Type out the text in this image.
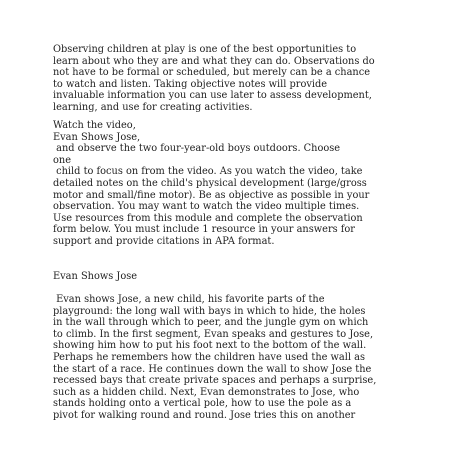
Observing children at play is one of the best opportunities to
learn about who they are and what they can do. Observations do
not have to be formal or scheduled, but merely can be a chance
to watch and listen. Taking objective notes will provide
invaluable information you can use later to assess development,
learning, and use for creating activities.

Watch the video,
Evan Shows Jose,
and observe the two four-year-old boys outdoors. Choose
one
child to focus on from the video. As you watch the video, take
detailed notes on the child's physical development (large/gross
motor and small/fine motor). Be as objective as possible in your
observation. You may want to watch the video multiple times.
Use resources from this module and complete the observation
form below. You must include 1 resource in your answers for
support and provide citations in APA format.

Evan Shows Jose

Evan shows Jose, a new child, his favorite parts of the
playground: the long wall with bays in which to hide, the holes
in the wall through which to peer, and the jungle gym on which
to climb. In the first segment, Evan speaks and gestures to Jose,
showing him how to put his foot next to the bottom of the wall.
Perhaps he remembers how the children have used the wall as
the start of a race. He continues down the wall to show Jose the
recessed bays that create private spaces and perhaps a surprise,
such as a hidden child. Next, Evan demonstrates to Jose, who
stands holding onto a vertical pole, how to use the pole as a
pivot for walking round and round. Jose tries this on another
